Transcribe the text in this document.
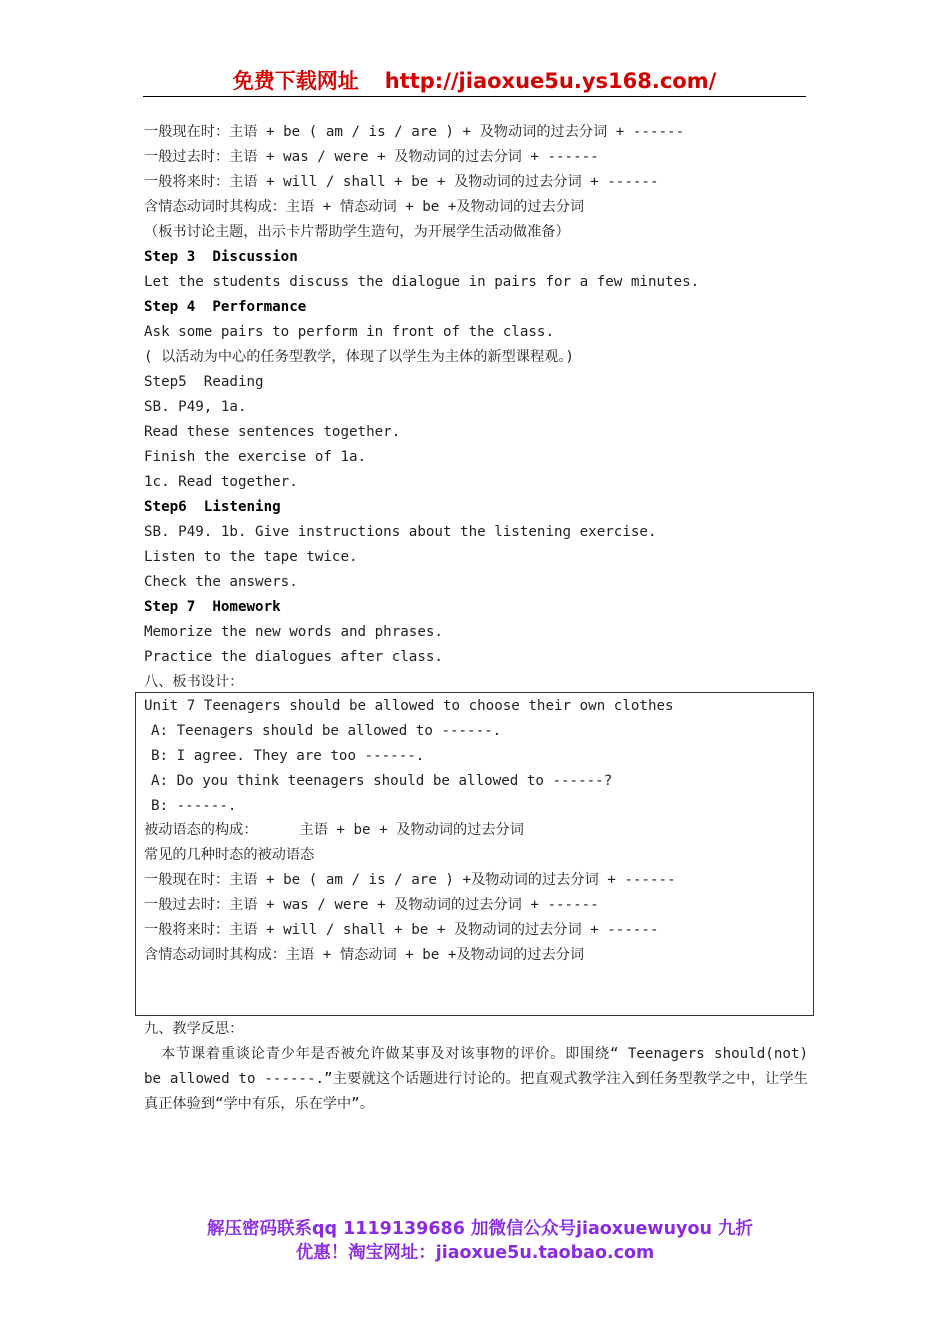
免费下载网址 http://jiaoxue5u.ys168.com/
一般现在时：主语 + be ( am / is / are ) + 及物动词的过去分词 + ------
一般过去时：主语 + was / were + 及物动词的过去分词 + ------
一般将来时：主语 + will / shall + be + 及物动词的过去分词 + ------
含情态动词时其构成：主语 + 情态动词 + be +及物动词的过去分词
（板书讨论主题，出示卡片帮助学生造句，为开展学生活动做准备）
Step 3  Discussion
Let the students discuss the dialogue in pairs for a few minutes.
Step 4  Performance
Ask some pairs to perform in front of the class.
( 以活动为中心的任务型教学，体现了以学生为主体的新型课程观。)
Step5  Reading
SB. P49, 1a.
Read these sentences together.
Finish the exercise of 1a.
1c. Read together.
Step6  Listening
SB. P49. 1b. Give instructions about the listening exercise.
Listen to the tape twice.
Check the answers.
Step 7  Homework
Memorize the new words and phrases.
Practice the dialogues after class.
八、板书设计：
Unit 7 Teenagers should be allowed to choose their own clothes
A: Teenagers should be allowed to ------.
B: I agree. They are too ------.
A: Do you think teenagers should be allowed to ------?
B: ------.
被动语态的构成：	主语 + be + 及物动词的过去分词
常见的几种时态的被动语态
一般现在时：主语 + be ( am / is / are ) +及物动词的过去分词 + ------
一般过去时：主语 + was / were + 及物动词的过去分词 + ------
一般将来时：主语 + will / shall + be + 及物动词的过去分词 + ------
含情态动词时其构成：主语 + 情态动词 + be +及物动词的过去分词
九、教学反思：
本节课着重谈论青少年是否被允许做某事及对该事物的评价。即围绕“ Teenagers should(not) be allowed to ------.”主要就这个话题进行讨论的。把直观式教学注入到任务型教学之中，让学生真正体验到“学中有乐，乐在学中”。
解压密码联系qq 1119139686 加微信公众号jiaoxuewuyou 九折
优惠！淘宝网址：jiaoxue5u.taobao.com
